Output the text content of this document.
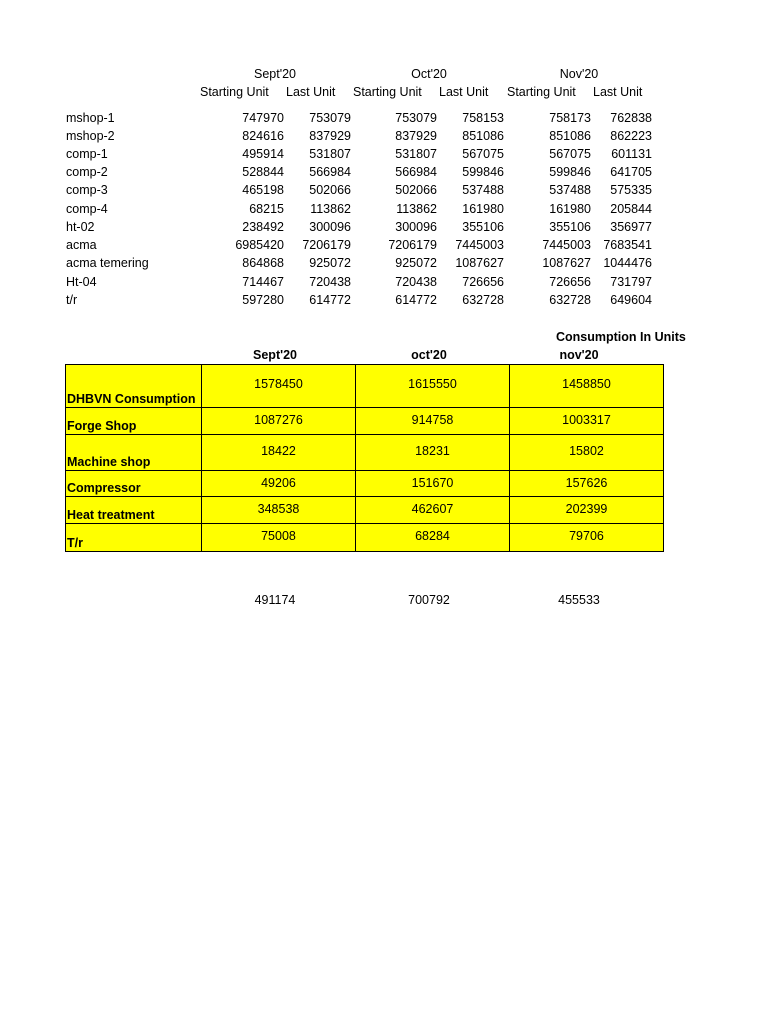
Sept'20	Oct'20	Nov'20
Starting Unit Last Unit Starting Unit Last Unit Starting Unit Last Unit
mshop-1	747970	753079	753079	758153	758173	762838
mshop-2	824616	837929	837929	851086	851086	862223
comp-1	495914	531807	531807	567075	567075	601131
comp-2	528844	566984	566984	599846	599846	641705
comp-3	465198	502066	502066	537488	537488	575335
comp-4	68215	113862	113862	161980	161980	205844
ht-02	238492	300096	300096	355106	355106	356977
acma	6985420	7206179	7206179	7445003	7445003 7683541
acma temering	864868	925072	925072	1087627	1087627 1044476
Ht-04	714467	720438	720438	726656	726656	731797
t/r	597280	614772	614772	632728	632728	649604
Consumption In Units
Sept'20	oct'20	nov'20
DHBVN Consumption	1578450	1615550	1458850

Forge Shop	1087276	914758	1003317

Machine shop	18422	18231	15802

Compressor	49206	151670	157626

Heat treatment	348538	462607	202399

T/r	75008	68284	79706
491174	700792	455533
